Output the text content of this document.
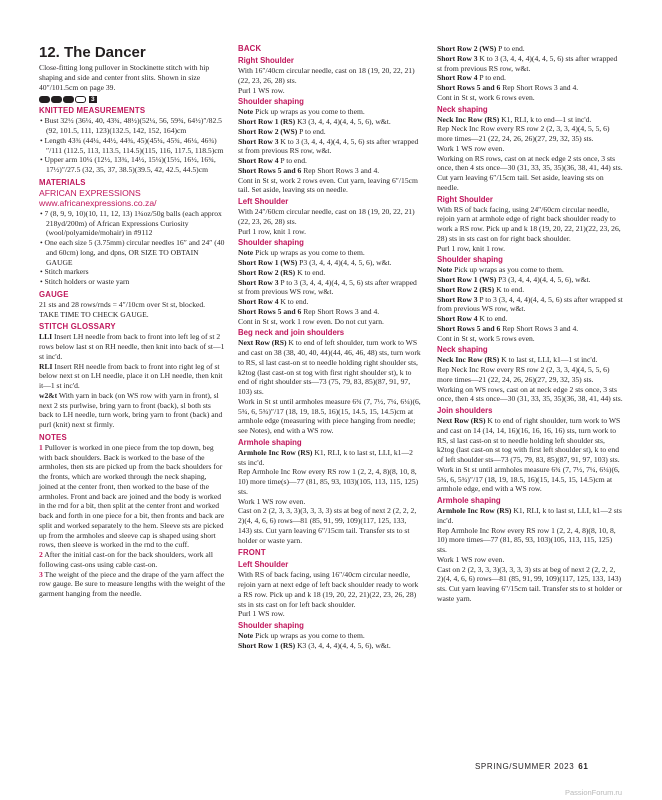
12. The Dancer

Close-fitting long pullover in Stockinette stitch with hip shaping and side and center front slits. Shown in size 40″/101.5cm on page 39.

3
KNITTED MEASUREMENTS

• Bust 32½ (36¼, 40, 43¾, 48½)(52¼, 56, 59¾, 64½)″/82.5 (92, 101.5, 111, 123)(132.5, 142, 152, 164)cm

• Length 43¾ (44¼, 44½, 44¾, 45)(45¼, 45¾, 46¼, 46¾)″/111 (112.5, 113, 113.5, 114.5)(115, 116, 117.5, 118.5)cm

• Upper arm 10¼ (12½, 13¾, 14½, 15¼)(15½, 16½, 16¾, 17½)″/27.5 (32, 35, 37, 38.5)(39.5, 42, 42.5, 44.5)cm

MATERIALS

AFRICAN EXPRESSIONS

www.africanexpressions.co.za/

• 7 (8, 9, 9, 10)(10, 11, 12, 13) 1¾oz/50g balls (each approx 218yd/200m) of African Expressions Curiosity (wool/polyamide/mohair) in #9112

• One each size 5 (3.75mm) circular needles 16″ and 24″ (40 and 60cm) long, and dpns, OR SIZE TO OBTAIN GAUGE

• Stitch markers

• Stitch holders or waste yarn

GAUGE

21 sts and 28 rows/rnds = 4″/10cm over St st, blocked.

TAKE TIME TO CHECK GAUGE.

STITCH GLOSSARY

LLI Insert LH needle from back to front into left leg of st 2 rows below last st on RH needle, then knit into back of st—1 st inc'd.

RLI Insert RH needle from back to front into right leg of st below next st on LH needle, place it on LH needle, then knit it—1 st inc'd.

w2&t With yarn in back (on WS row with yarn in front), sl next 2 sts purlwise, bring yarn to front (back), sl both sts back to LH needle, turn work, bring yarn to front (back) and purl (knit) next st firmly.

NOTES

1 Pullover is worked in one piece from the top down, beg with back shoulders. Back is worked to the base of the armholes, then sts are picked up from the back shoulders for the fronts, which are worked through the neck shaping, joined at the center front, then worked to the base of the armholes. Front and back are joined and the body is worked in the rnd for a bit, then split at the center front and worked back and forth in one piece for a bit, then fronts and back are split and worked separately to the hem. Sleeve sts are picked up from the armholes and sleeve cap is shaped using short rows, then sleeve is worked in the rnd to the cuff.

2 After the initial cast-on for the back shoulders, work all following cast-ons using cable cast-on.

3 The weight of the piece and the drape of the yarn affect the row gauge. Be sure to measure lengths with the weight of the garment hanging from the needle.

BACK
Right Shoulder

With 16″/40cm circular needle, cast on 18 (19, 20, 22, 21)(22, 23, 26, 28) sts.

Purl 1 WS row.

Shoulder shaping

Note Pick up wraps as you come to them.

Short Row 1 (RS) K3 (3, 4, 4, 4)(4, 4, 5, 6), w&t.

Short Row 2 (WS) P to end.

Short Row 3 K to 3 (3, 4, 4, 4)(4, 4, 5, 6) sts after wrapped st from previous RS row, w&t.

Short Row 4 P to end.

Short Rows 5 and 6 Rep Short Rows 3 and 4.

Cont in St st, work 2 rows even. Cut yarn, leaving 6″/15cm tail. Set aside, leaving sts on needle.

Left Shoulder

With 24″/60cm circular needle, cast on 18 (19, 20, 22, 21)(22, 23, 26, 28) sts.

Purl 1 row, knit 1 row.

Shoulder shaping

Note Pick up wraps as you come to them.

Short Row 1 (WS) P3 (3, 4, 4, 4)(4, 4, 5, 6), w&t.

Short Row 2 (RS) K to end.

Short Row 3 P to 3 (3, 4, 4, 4)(4, 4, 5, 6) sts after wrapped st from previous WS row, w&t.

Short Row 4 K to end.

Short Rows 5 and 6 Rep Short Rows 3 and 4.

Cont in St st, work 1 row even. Do not cut yarn.

Beg neck and join shoulders

Next Row (RS) K to end of left shoulder, turn work to WS and cast on 38 (38, 40, 40, 44)(44, 46, 46, 48) sts, turn work to RS, sl last cast-on st to needle holding right shoulder sts, k2tog (last cast-on st tog with first right shoulder st), k to end of right shoulder sts—73 (75, 79, 83, 85)(87, 91, 97, 103) sts.

Work in St st until armholes measure 6¾ (7, 7½, 7¼, 6¼)(6, 5¾, 6, 5¾)″/17 (18, 19, 18.5, 16)(15, 14.5, 15, 14.5)cm at armhole edge (measuring with piece hanging from needle; see Notes), end with a WS row.

Armhole shaping

Armhole Inc Row (RS) K1, RLI, k to last st, LLI, k1—2 sts inc'd.

Rep Armhole Inc Row every RS row 1 (2, 2, 4, 8)(8, 10, 8, 10) more time(s)—77 (81, 85, 93, 103)(105, 113, 115, 125) sts.

Work 1 WS row even.

Cast on 2 (2, 3, 3, 3)(3, 3, 3, 3) sts at beg of next 2 (2, 2, 2, 2)(4, 4, 6, 6) rows—81 (85, 91, 99, 109)(117, 125, 133, 143) sts. Cut yarn leaving 6″/15cm tail. Transfer sts to st holder or waste yarn.

FRONT
Left Shoulder

With RS of back facing, using 16″/40cm circular needle, rejoin yarn at next edge of left back shoulder ready to work a RS row. Pick up and k 18 (19, 20, 22, 21)(22, 23, 26, 28) sts in sts cast on for left back shoulder.

Purl 1 WS row.

Shoulder shaping

Note Pick up wraps as you come to them.

Short Row 1 (RS) K3 (3, 4, 4, 4)(4, 4, 5, 6), w&t.

Short Row 2 (WS) P to end.

Short Row 3 K to 3 (3, 4, 4, 4)(4, 4, 5, 6) sts after wrapped st from previous RS row, w&t.

Short Row 4 P to end.

Short Rows 5 and 6 Rep Short Rows 3 and 4.

Cont in St st, work 6 rows even.

Neck shaping

Neck Inc Row (RS) K1, RLI, k to end—1 st inc'd.

Rep Neck Inc Row every RS row 2 (2, 3, 3, 4)(4, 5, 5, 6) more times—21 (22, 24, 26, 26)(27, 29, 32, 35) sts.

Work 1 WS row even.

Working on RS rows, cast on at neck edge 2 sts once, 3 sts once, then 4 sts once—30 (31, 33, 35, 35)(36, 38, 41, 44) sts. Cut yarn leaving 6″/15cm tail. Set aside, leaving sts on needle.

Right Shoulder

With RS of back facing, using 24″/60cm circular needle, rejoin yarn at armhole edge of right back shoulder ready to work a RS row. Pick up and k 18 (19, 20, 22, 21)(22, 23, 26, 28) sts in sts cast on for right back shoulder.

Purl 1 row, knit 1 row.

Shoulder shaping

Note Pick up wraps as you come to them.

Short Row 1 (WS) P3 (3, 4, 4, 4)(4, 4, 5, 6), w&t.

Short Row 2 (RS) K to end.

Short Row 3 P to 3 (3, 4, 4, 4)(4, 4, 5, 6) sts after wrapped st from previous WS row, w&t.

Short Row 4 K to end.

Short Rows 5 and 6 Rep Short Rows 3 and 4.

Cont in St st, work 5 rows even.

Neck shaping

Neck Inc Row (RS) K to last st, LLI, k1—1 st inc'd.

Rep Neck Inc Row every RS row 2 (2, 3, 3, 4)(4, 5, 5, 6) more times—21 (22, 24, 26, 26)(27, 29, 32, 35) sts.

Working on WS rows, cast on at neck edge 2 sts once, 3 sts once, then 4 sts once—30 (31, 33, 35, 35)(36, 38, 41, 44) sts.

Join shoulders

Next Row (RS) K to end of right shoulder, turn work to WS and cast on 14 (14, 14, 16)(16, 16, 16, 16) sts, turn work to RS, sl last cast-on st to needle holding left shoulder sts, k2tog (last cast-on st tog with first left shoulder st), k to end of left shoulder sts—73 (75, 79, 83, 85)(87, 91, 97, 103) sts.

Work in St st until armholes measure 6¾ (7, 7½, 7¼, 6¼)(6, 5¾, 6, 5¾)″/17 (18, 19, 18.5, 16)(15, 14.5, 15, 14.5)cm at armhole edge, end with a WS row.

Armhole shaping

Armhole Inc Row (RS) K1, RLI, k to last st, LLI, k1—2 sts inc'd.

Rep Armhole Inc Row every RS row 1 (2, 2, 4, 8)(8, 10, 8, 10) more times—77 (81, 85, 93, 103)(105, 113, 115, 125) sts.

Work 1 WS row even.

Cast on 2 (2, 3, 3, 3)(3, 3, 3, 3) sts at beg of next 2 (2, 2, 2, 2)(4, 4, 6, 6) rows—81 (85, 91, 99, 109)(117, 125, 133, 143) sts. Cut yarn leaving 6″/15cm tail. Transfer sts to st holder or waste yarn.

SPRING/SUMMER 2023 61
PassionForum.ru
